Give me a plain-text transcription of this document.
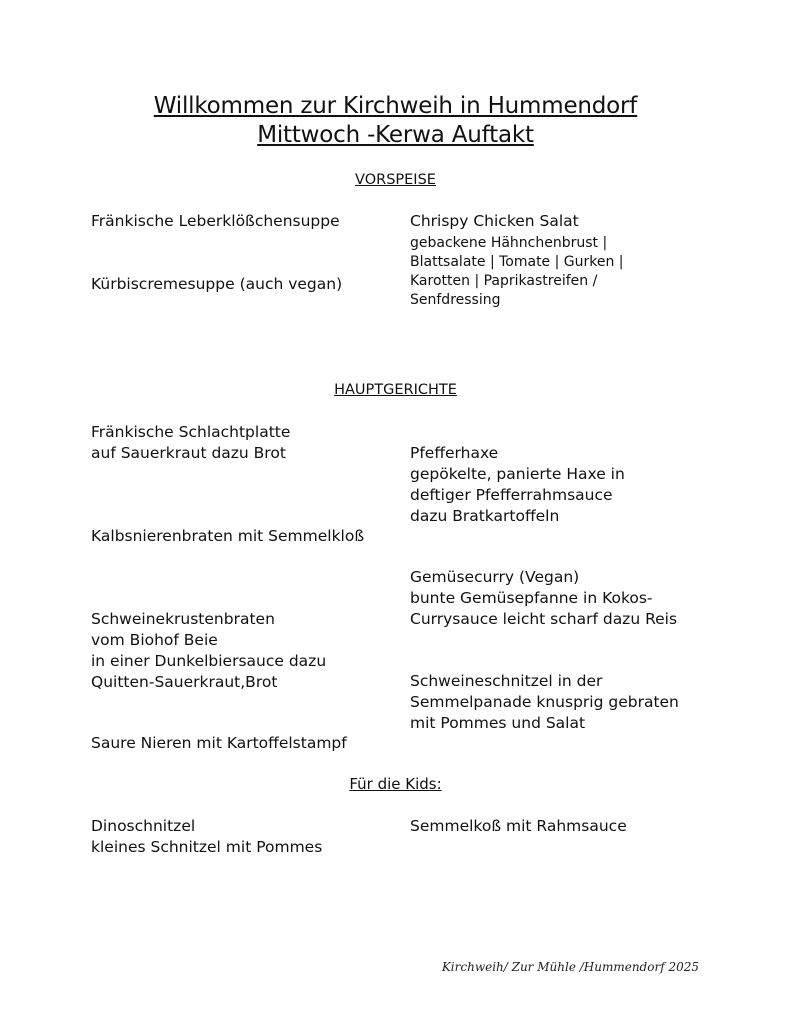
Willkommen zur Kirchweih in Hummendorf
Mittwoch -Kerwa Auftakt
VORSPEISE
Fränkische Leberklößchensuppe
Kürbiscremesuppe (auch vegan)
Chrispy Chicken Salat
gebackene Hähnchenbrust |
Blattsalate | Tomate | Gurken |
Karotten | Paprikastreifen /
Senfdressing
HAUPTGERICHTE
Fränkische Schlachtplatte
auf Sauerkraut dazu Brot
Kalbsnierenbraten mit Semmelkloß
Schweinekrustenbraten
vom Biohof Beie
in einer Dunkelbiersauce dazu
Quitten-Sauerkraut,Brot
Saure Nieren mit Kartoffelstampf
Pfefferhaxe
gepökelte, panierte Haxe in
deftiger Pfefferrahmsauce
dazu Bratkartoffeln
Gemüsecurry (Vegan)
bunte Gemüsepfanne in Kokos-
Currysauce leicht scharf dazu Reis
Schweineschnitzel in der
Semmelpanade knusprig gebraten
mit Pommes und Salat
Für die Kids:
Dinoschnitzel
kleines Schnitzel mit Pommes
Semmelkoß mit Rahmsauce
Kirchweih/ Zur Mühle /Hummendorf 2025
